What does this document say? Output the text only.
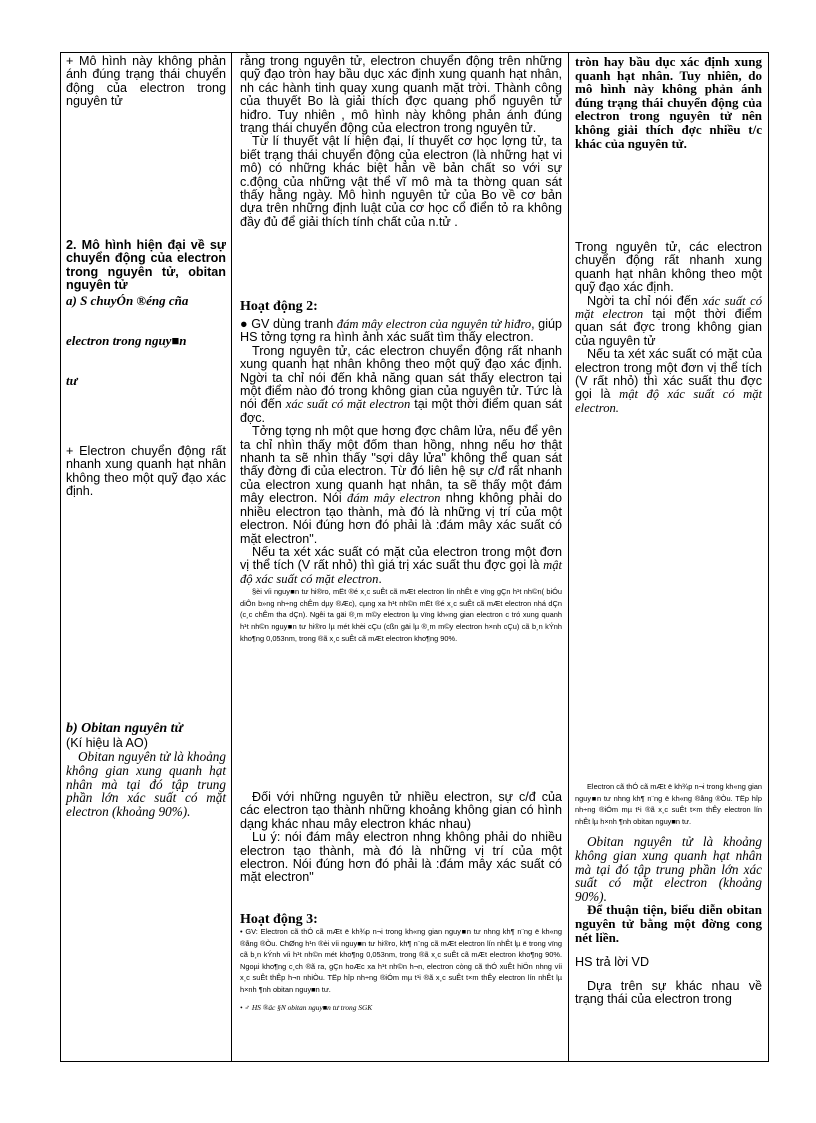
+ Mô hình này không phản ánh đúng trạng thái chuyển động của electron trong nguyên tử

2. Mô hình hiện đại về sự chuyển động của electron trong nguyên tử, obitan nguyên tử

a) S chuyÓn ®éng cña

electron trong nguy■n

tư

+ Electron chuyển động rất nhanh xung quanh hạt nhân không theo một quỹ đạo xác định.

b) Obitan nguyên tử

(Kí hiệu là AO)

Obitan nguyên tử là khoảng không gian xung quanh hạt nhân mà tại đó tập trung phần lớn xác suất có mặt electron (khoảng 90%).

rằng trong nguyên tử, electron chuyển động trên những quỹ đạo tròn hay bầu dục xác định xung quanh hạt nhân, nh các hành tinh quay xung quanh mặt trời. Thành công của thuyết Bo là giải thích đợc quang phổ nguyên tử hiđro. Tuy nhiên , mô hình này không phản ánh đúng trạng thái chuyển động của electron trong nguyên tử.

Từ lí thuyết vật lí hiện đại, lí thuyết cơ học lợng tử, ta biết trạng thái chuyển động của electron (là những hạt vi mô) có những khác biệt hẳn về bản chất so với sự c.động của những vật thể vĩ mô mà ta thờng quan sát thấy hằng ngày. Mô hình nguyên tử của Bo về cơ bản dựa trên những định luật của cơ học cổ điển tỏ ra không đầy đủ để giải thích tính chất của n.tử .

Hoạt động 2:

● GV dùng tranh đám mây electron của nguyên tử hiđro, giúp HS tởng tợng ra hình ảnh xác suất tìm thấy electron.

Trong nguyên tử, các electron chuyển động rất nhanh xung quanh hạt nhân không theo một quỹ đạo xác định. Ngời ta chỉ nói đến khả năng quan sát thấy electron tại một điểm nào đó trong không gian của nguyên tử. Tức là nói đến xác suất có mặt electron tại một thời điểm quan sát đợc.

Tởng tợng nh một que hơng đợc châm lửa, nếu để yên ta chỉ nhìn thấy một đốm than hồng, nhng nếu hơ thật nhanh ta sẽ nhìn thấy "sợi dây lửa" không thể quan sát thấy đờng đi của electron. Từ đó liên hệ sự c/đ rất nhanh của electron xung quanh hạt nhân, ta sẽ thấy một đám mây electron. Nói đám mây electron nhng không phải do nhiều electron tạo thành, mà đó là những vị trí của một electron. Nói đúng hơn đó phải là :đám mây xác suất có mặt electron".

Nếu ta xét xác suất có mặt của electron trong một đơn vị thể tích (V rất nhỏ) thì giá trị xác suất thu đợc gọi là mật độ xác suất có mặt electron.

§èi víi nguy■n tư hi®ro, mËt ®é x¸c suÊt cã mÆt electron lín nhÊt ë vïng gÇn h¹t nh©n( biÓu diÔn b»ng nh÷ng chÊm dµy ®Æc), cµng xa h¹t nh©n mËt ®é x¸c suÊt cã mÆt electron nhá dÇn (c¸c chÊm tha dÇn). Ngêi ta gäi ®¸m m©y electron lµ vïng kh«ng gian electron c tró xung quanh h¹t nh©n nguy■n tư hi®ro lµ mét khèi cÇu (cßn gäi lµ ®¸m m©y electron h×nh cÇu) cã b¸n kÝnh kho¶ng 0,053nm, trong ®ã x¸c suÊt cã mÆt electron kho¶ng 90%.

Đối với những nguyên tử nhiều electron, sự c/đ của các electron tạo thành những khoảng không gian có hình dạng khác nhau mây electron khác nhau)

Lu ý: nói đám mây electron nhng không phải do nhiều electron tạo thành, mà đó là những vị trí của một electron. Nói đúng hơn đó phải là :đám mây xác suất có mặt electron"

Hoạt động 3:

• GV: Electron cã thÓ cã mÆt ë kh¾p n¬i trong kh«ng gian nguy■n tư nhng kh¶ n¨ng ë kh«ng ®ång ®Òu. ChØng h¹n ®èi víi nguy■n tư hi®ro, kh¶ n¨ng cã mÆt electron lín nhÊt lµ ë trong vïng cã b¸n kÝnh víi h¹t nh©n mét kho¶ng 0,053nm, trong ®ã x¸c suÊt cã mÆt electron kho¶ng 90%. Ngoµi kho¶ng c¸ch ®ã ra, gÇn hoÆc xa h¹t nh©n h¬n, electron còng cã thÓ xuÊt hiÖn nhng víi x¸c suÊt thÊp h¬n nhiÒu. TËp hîp nh÷ng ®iÓm mµ t¹i ®ã x¸c suÊt t×m thÊy electron lín nhÊt lµ h×nh ¶nh obitan nguy■n tư.

• ♂ HS ®äc §N obitan nguy■n tư trong SGK

tròn hay bầu dục xác định xung quanh hạt nhân. Tuy nhiên, do mô hình này không phản ánh đúng trạng thái chuyển động của electron trong nguyên tử nên không giải thích đợc nhiều t/c khác của nguyên tử.

Trong nguyên tử, các electron chuyển động rất nhanh xung quanh hạt nhân không theo một quỹ đạo xác định.

Ngời ta chỉ nói đến xác suất có mặt electron tại một thời điểm quan sát đợc trong không gian của nguyên tử

Nếu ta xét xác suất có mặt của electron trong một đơn vị thể tích (V rất nhỏ) thì xác suất thu đợc gọi là mật độ xác suất có mặt electron.

Electron cã thÓ cã mÆt ë kh¾p n¬i trong kh«ng gian nguy■n tư nhng kh¶ n¨ng ë kh«ng ®ång ®Òu. TËp hîp nh÷ng ®iÓm mµ t¹i ®ã x¸c suÊt t×m thÊy electron lín nhÊt lµ h×nh ¶nh obitan nguy■n tư.

Obitan nguyên tử là khoảng không gian xung quanh hạt nhân mà tại đó tập trung phần lớn xác suất có mặt electron (khoảng 90%).

Để thuận tiện, biểu diễn obitan nguyên tử bằng một đờng cong nét liền.

HS trả lời VD

Dựa trên sự khác nhau về trạng thái của electron trong
